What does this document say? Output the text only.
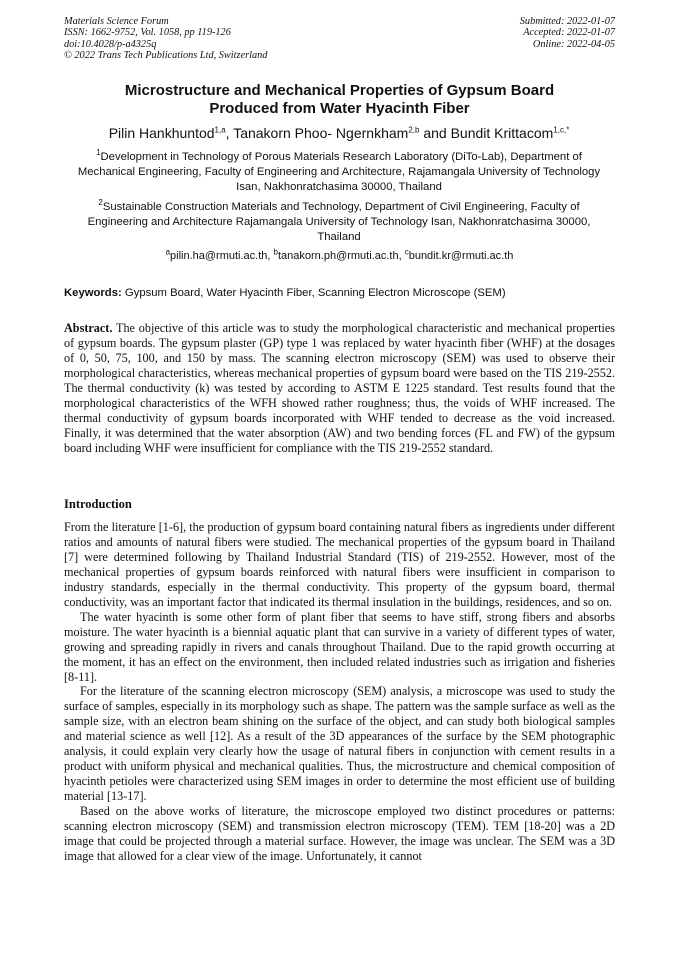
Materials Science Forum
ISSN: 1662-9752, Vol. 1058, pp 119-126
doi:10.4028/p-a4325q
© 2022 Trans Tech Publications Ltd, Switzerland
Submitted: 2022-01-07
Accepted: 2022-01-07
Online: 2022-04-05
Microstructure and Mechanical Properties of Gypsum Board
Produced from Water Hyacinth Fiber
Pilin Hankhuntod$^{1,a}$, Tanakorn Phoo- Ngernkham$^{2,b}$ and Bundit Krittacom$^{1,c,*}$
$^1$Development in Technology of Porous Materials Research Laboratory (DiTo-Lab), Department of Mechanical Engineering, Faculty of Engineering and Architecture, Rajamangala University of Technology Isan, Nakhonratchasima 30000, Thailand
$^2$Sustainable Construction Materials and Technology, Department of Civil Engineering, Faculty of Engineering and Architecture Rajamangala University of Technology Isan, Nakhonratchasima 30000, Thailand
$^a$pilin.ha@rmuti.ac.th, $^b$tanakorn.ph@rmuti.ac.th, $^c$bundit.kr@rmuti.ac.th
Keywords: Gypsum Board, Water Hyacinth Fiber, Scanning Electron Microscope (SEM)
Abstract. The objective of this article was to study the morphological characteristic and mechanical properties of gypsum boards. The gypsum plaster (GP) type 1 was replaced by water hyacinth fiber (WHF) at the dosages of 0, 50, 75, 100, and 150 by mass. The scanning electron microscopy (SEM) was used to observe their morphological characteristics, whereas mechanical properties of gypsum board were based on the TIS 219-2552. The thermal conductivity (k) was tested by according to ASTM E 1225 standard. Test results found that the morphological characteristics of the WFH showed rather roughness; thus, the voids of WHF increased. The thermal conductivity of gypsum boards incorporated with WHF tended to decrease as the void increased. Finally, it was determined that the water absorption (AW) and two bending forces (FL and FW) of the gypsum board including WHF were insufficient for compliance with the TIS 219-2552 standard.
Introduction

From the literature [1-6], the production of gypsum board containing natural fibers as ingredients under different ratios and amounts of natural fibers were studied. The mechanical properties of the gypsum board in Thailand [7] were determined following by Thailand Industrial Standard (TIS) of 219-2552. However, most of the mechanical properties of gypsum boards reinforced with natural fibers were insufficient in comparison to industry standards, especially in the thermal conductivity. This property of the gypsum board, thermal conductivity, was an important factor that indicated its thermal insulation in the buildings, residences, and so on.

The water hyacinth is some other form of plant fiber that seems to have stiff, strong fibers and absorbs moisture. The water hyacinth is a biennial aquatic plant that can survive in a variety of different types of water, growing and spreading rapidly in rivers and canals throughout Thailand. Due to the rapid growth occurring at the moment, it has an effect on the environment, then included related industries such as irrigation and fisheries [8-11].

For the literature of the scanning electron microscopy (SEM) analysis, a microscope was used to study the surface of samples, especially in its morphology such as shape. The pattern was the sample surface as well as the sample size, with an electron beam shining on the surface of the object, and can study both biological samples and material science as well [12]. As a result of the 3D appearances of the surface by the SEM photographic analysis, it could explain very clearly how the usage of natural fibers in conjunction with cement results in a product with uniform physical and mechanical qualities. Thus, the microstructure and chemical composition of hyacinth petioles were characterized using SEM images in order to determine the most efficient use of building material [13-17].

Based on the above works of literature, the microscope employed two distinct procedures or patterns: scanning electron microscopy (SEM) and transmission electron microscopy (TEM). TEM [18-20] was a 2D image that could be projected through a material surface. However, the image was unclear. The SEM was a 3D image that allowed for a clear view of the image. Unfortunately, it cannot
